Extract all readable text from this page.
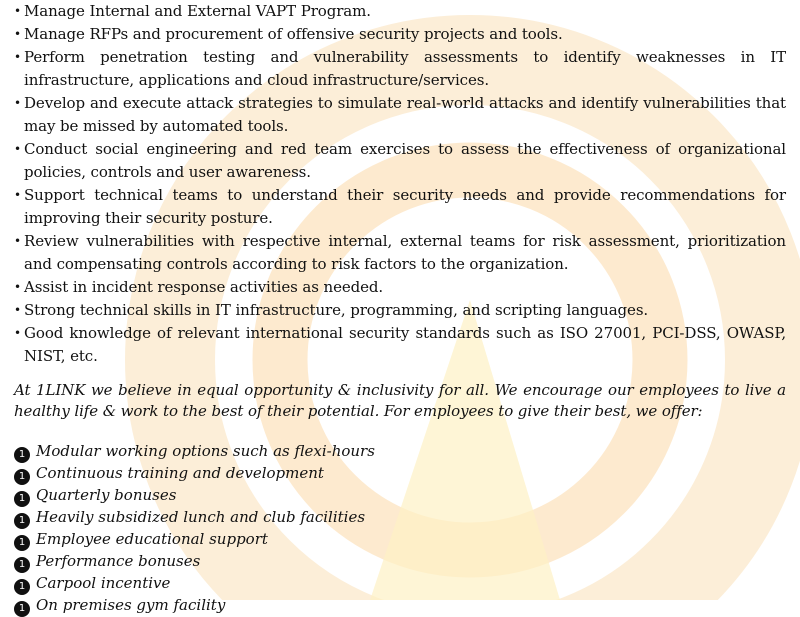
• Manage Internal and External VAPT Program.
• Manage RFPs and procurement of offensive security projects and tools.
• Perform penetration testing and vulnerability assessments to identify weaknesses in IT infrastructure, applications and cloud infrastructure/services.
• Develop and execute attack strategies to simulate real-world attacks and identify vulnerabilities that may be missed by automated tools.
• Conduct social engineering and red team exercises to assess the effectiveness of organizational policies, controls and user awareness.
• Support technical teams to understand their security needs and provide recommendations for improving their security posture.
• Review vulnerabilities with respective internal, external teams for risk assessment, prioritization and compensating controls according to risk factors to the organization.
• Assist in incident response activities as needed.
• Strong technical skills in IT infrastructure, programming, and scripting languages.
• Good knowledge of relevant international security standards such as ISO 27001, PCI-DSS, OWASP, NIST, etc.

At 1LINK we believe in equal opportunity & inclusivity for all. We encourage our employees to live a healthy life & work to the best of their potential. For employees to give their best, we offer:

1 Modular working options such as flexi-hours
1 Continuous training and development
1 Quarterly bonuses
1 Heavily subsidized lunch and club facilities
1 Employee educational support
1 Performance bonuses
1 Carpool incentive
1 On premises gym facility
